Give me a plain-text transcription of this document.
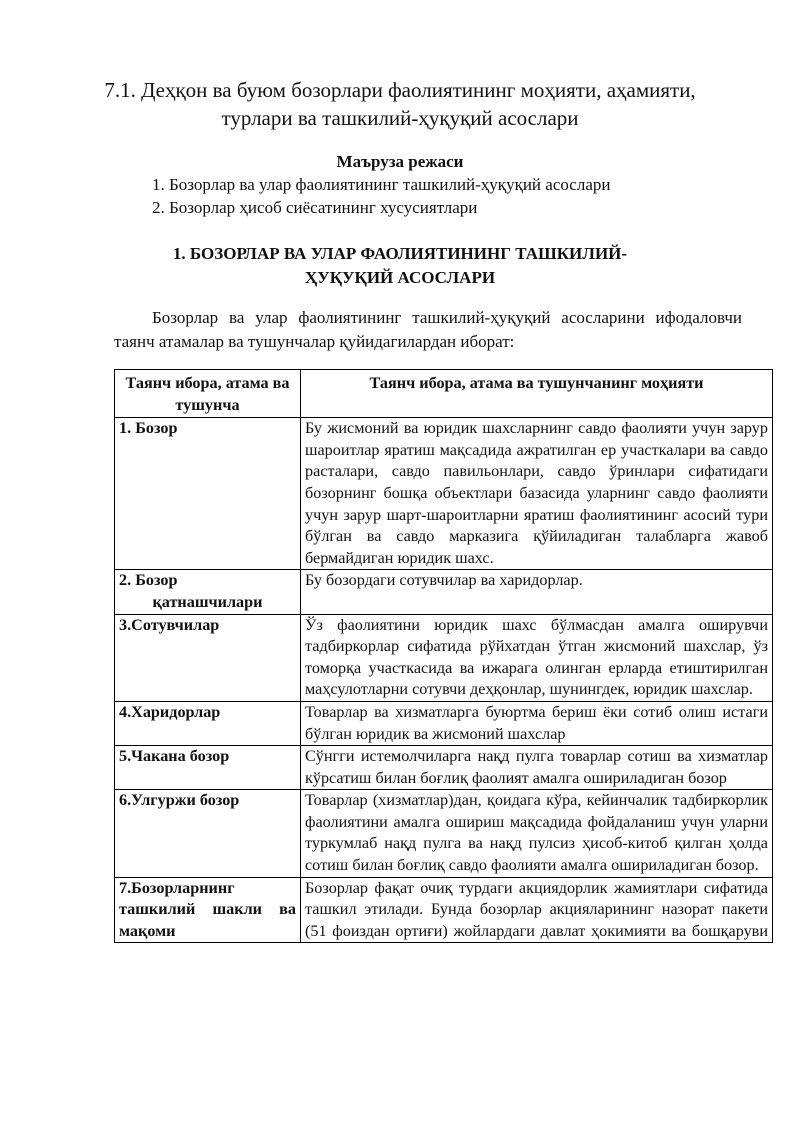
7.1. Деҳқон ва буюм бозорлари фаолиятининг моҳияти, аҳамияти,
турлари ва ташкилий-ҳуқуқий асослари
Маъруза режаси
1. Бозорлар ва улар фаолиятининг ташкилий-ҳуқуқий асослари
2. Бозорлар ҳисоб сиёсатининг хусусиятлари
1. БОЗОРЛАР ВА УЛАР ФАОЛИЯТИНИНГ ТАШКИЛИЙ-
ҲУҚУҚИЙ АСОСЛАРИ

Бозорлар ва улар фаолиятининг ташкилий-ҳуқуқий асосларини ифодаловчи таянч атамалар ва тушунчалар қуйидагилардан иборат:

Таянч ибора, атама ва тушунча	Таянч ибора, атама ва тушунчанинг моҳияти
1. Бозор	Бу жисмоний ва юридик шахсларнинг савдо фаолияти учун зарур шароитлар яратиш мақсадида ажратилган ер участкалари ва савдо расталари, савдо павильонлари, савдо ўринлари сифатидаги бозорнинг бошқа объектлари базасида уларнинг савдо фаолияти учун зарур шарт-шароитларни яратиш фаолиятининг асосий тури бўлган ва савдо марказига қўйиладиган талабларга жавоб бермайдиган юридик шахс.

2. Бозор
қатнашчилари	Бу бозордаги сотувчилар ва харидорлар.
3.Сотувчилар	Ўз фаолиятини юридик шахс бўлмасдан амалга оширувчи тадбиркорлар сифатида рўйхатдан ўтган жисмоний шахслар, ўз томорқа участкасида ва ижарага олинган ерларда етиштирилган маҳсулотларни сотувчи деҳқонлар, шунингдек, юридик шахслар.
4.Харидорлар	Товарлар ва хизматларга буюртма бериш ёки сотиб олиш истаги бўлган юридик ва жисмоний шахслар
5.Чакана бозор	Сўнгги истемолчиларга нақд пулга товарлар сотиш ва хизматлар кўрсатиш билан боғлиқ фаолият амалга ошириладиган бозор
6.Улгуржи бозор	Товарлар (хизматлар)дан, қоидага кўра, кейинчалик тадбиркорлик фаолиятини амалга ошириш мақсадида фойдаланиш учун уларни туркумлаб нақд пулга ва нақд пулсиз ҳисоб-китоб қилган ҳолда сотиш билан боғлиқ савдо фаолияти амалга ошириладиган бозор.
7.Бозорларнинг ташкилий шакли ва мақоми	Бозорлар фақат очиқ турдаги акциядорлик жамиятлари сифатида ташкил этилади. Бунда бозорлар акцияларининг назорат пакети (51 фоиздан ортиғи) жойлардаги давлат ҳокимияти ва бошқаруви
